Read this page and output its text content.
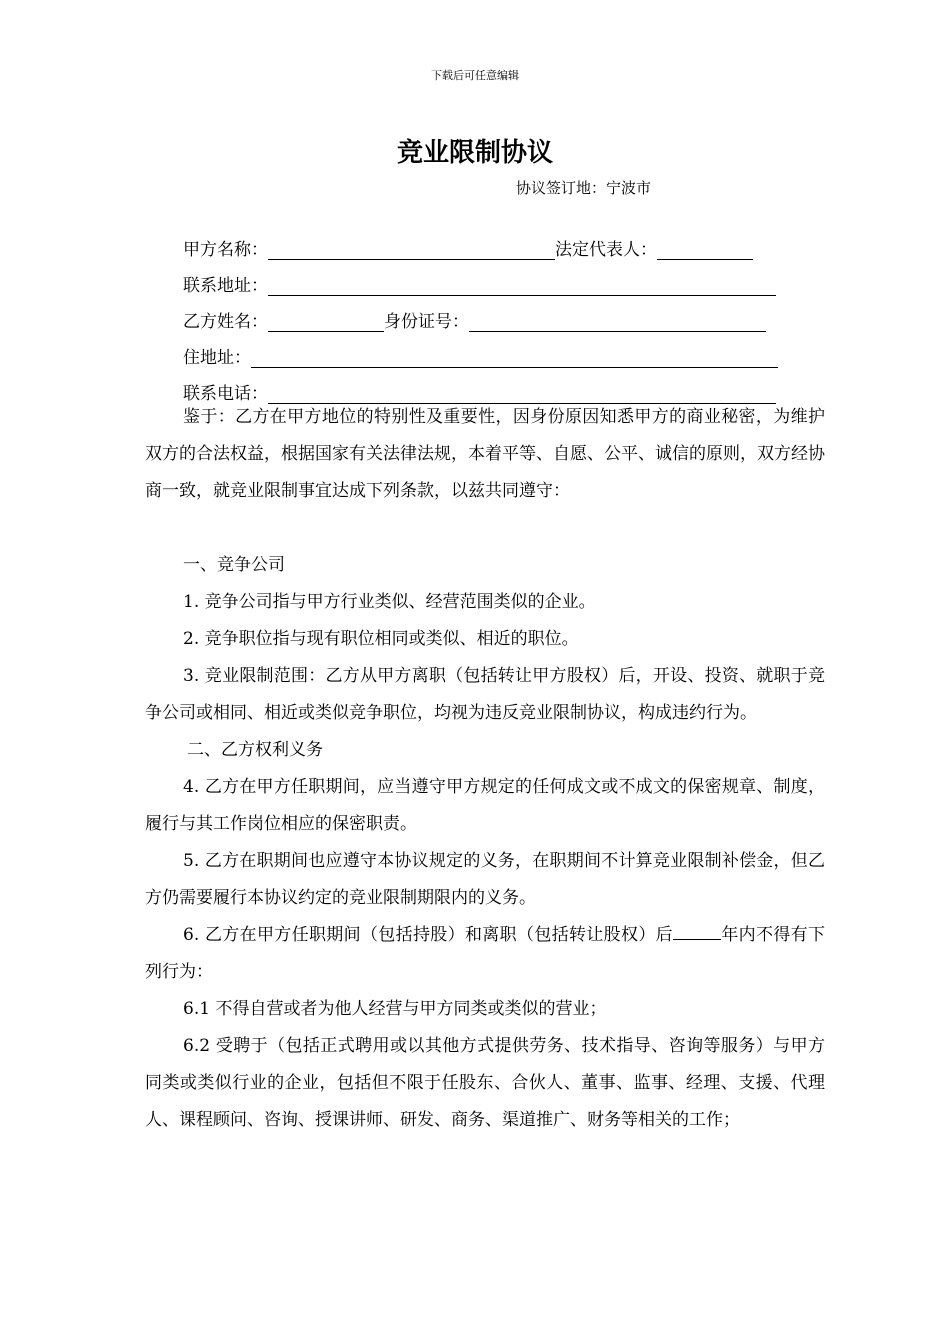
下载后可任意编辑
竞业限制协议
协议签订地：宁波市
甲方名称：	法定代表人：
联系地址：
乙方姓名：	身份证号：
住地址：
联系电话：

鉴于：乙方在甲方地位的特别性及重要性，因身份原因知悉甲方的商业秘密，为维护双方的合法权益，根据国家有关法律法规，本着平等、自愿、公平、诚信的原则，双方经协商一致，就竞业限制事宜达成下列条款，以兹共同遵守：

一、竞争公司

1. 竞争公司指与甲方行业类似、经营范围类似的企业。

2. 竞争职位指与现有职位相同或类似、相近的职位。

3. 竞业限制范围：乙方从甲方离职（包括转让甲方股权）后，开设、投资、就职于竞争公司或相同、相近或类似竞争职位，均视为违反竞业限制协议，构成违约行为。

二、乙方权利义务

4. 乙方在甲方任职期间，应当遵守甲方规定的任何成文或不成文的保密规章、制度，履行与其工作岗位相应的保密职责。

5. 乙方在职期间也应遵守本协议规定的义务，在职期间不计算竞业限制补偿金，但乙方仍需要履行本协议约定的竞业限制期限内的义务。

6. 乙方在甲方任职期间（包括持股）和离职（包括转让股权）后	年内不得有下列行为：

6.1 不得自营或者为他人经营与甲方同类或类似的营业；

6.2 受聘于（包括正式聘用或以其他方式提供劳务、技术指导、咨询等服务）与甲方同类或类似行业的企业，包括但不限于任股东、合伙人、董事、监事、经理、支援、代理人、课程顾问、咨询、授课讲师、研发、商务、渠道推广、财务等相关的工作；
